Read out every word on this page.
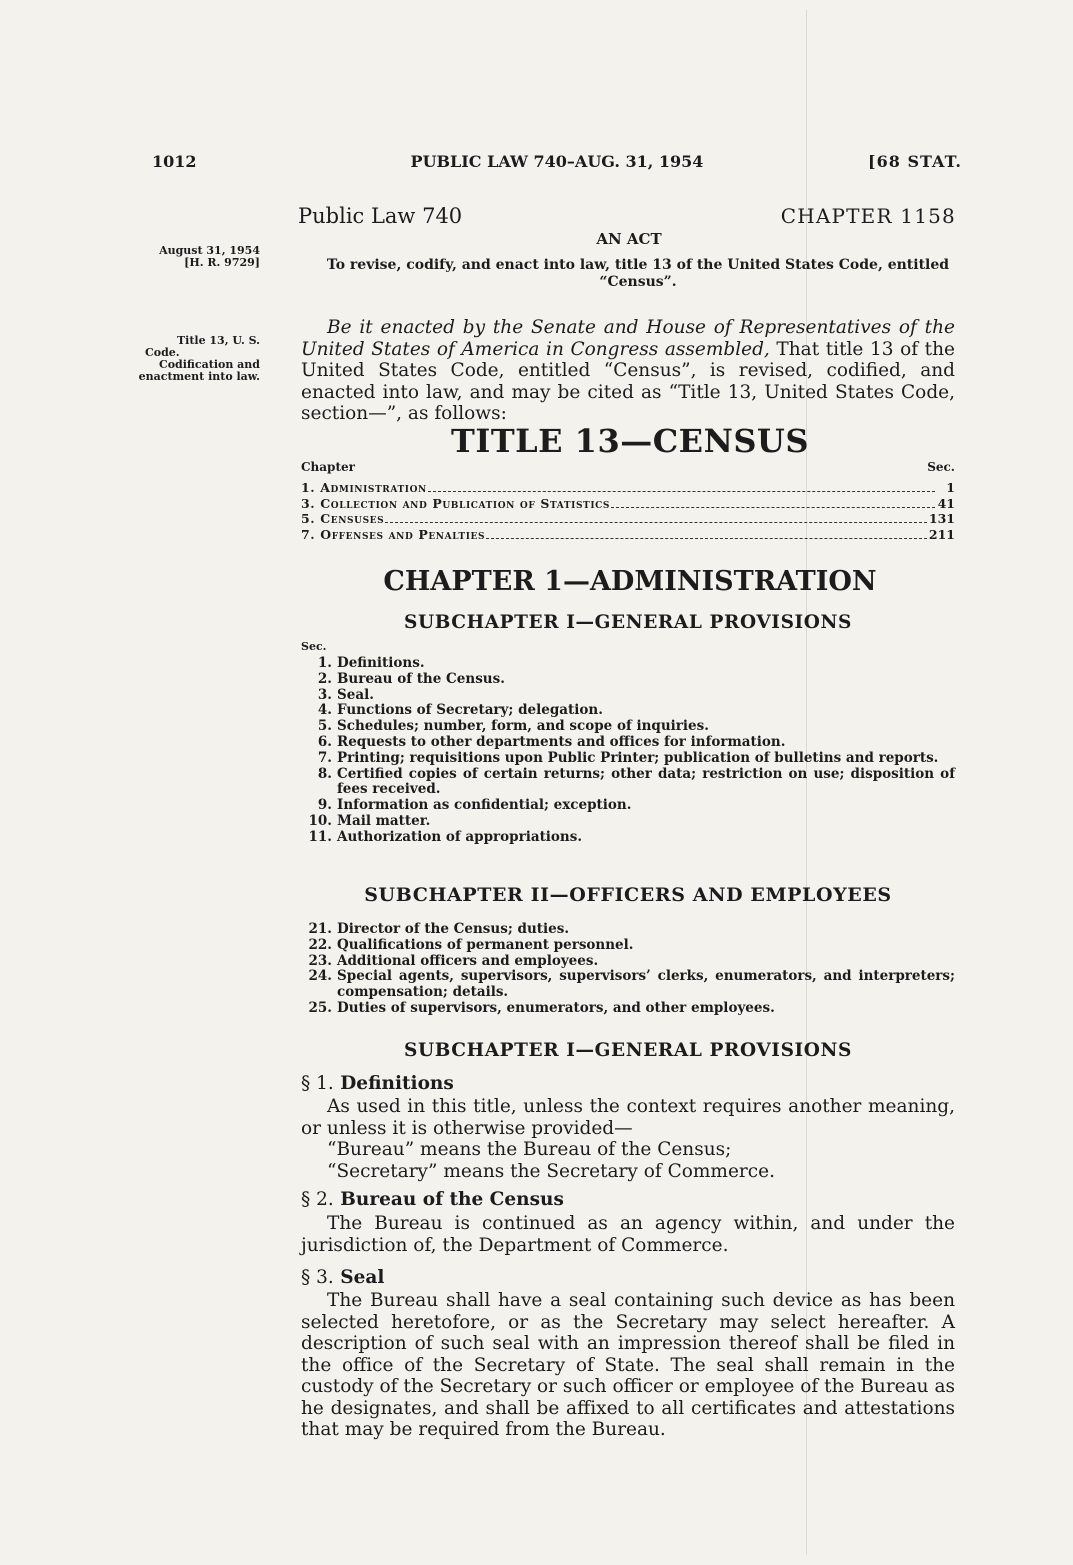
1012	PUBLIC LAW 740–AUG. 31, 1954	[68 STAT.
August 31, 1954
[H. R. 9729]
Title 13, U. S.
Code.
Codification and
enactment into law.
Public Law 740	CHAPTER 1158
AN ACT
To revise, codify, and enact into law, title 13 of the United States Code, entitled “Census”.
Be it enacted by the Senate and House of Representatives of the United States of America in Congress assembled, That title 13 of the United States Code, entitled “Census”, is revised, codified, and enacted into law, and may be cited as “Title 13, United States Code, section—”, as follows:
TITLE 13—CENSUS
Chapter	Sec.
1. Administration	1
3. Collection and Publication of Statistics	41
5. Censuses	131
7. Offenses and Penalties	211
CHAPTER 1—ADMINISTRATION
SUBCHAPTER I—GENERAL PROVISIONS
Sec.
1. Definitions.
2. Bureau of the Census.
3. Seal.
4. Functions of Secretary; delegation.
5. Schedules; number, form, and scope of inquiries.
6. Requests to other departments and offices for information.
7. Printing; requisitions upon Public Printer; publication of bulletins and reports.
8. Certified copies of certain returns; other data; restriction on use; disposition of fees received.
9. Information as confidential; exception.
10. Mail matter.
11. Authorization of appropriations.
SUBCHAPTER II—OFFICERS AND EMPLOYEES
21. Director of the Census; duties.
22. Qualifications of permanent personnel.
23. Additional officers and employees.
24. Special agents, supervisors, supervisors’ clerks, enumerators, and interpreters; compensation; details.
25. Duties of supervisors, enumerators, and other employees.
SUBCHAPTER I—GENERAL PROVISIONS
§ 1. Definitions
As used in this title, unless the context requires another meaning, or unless it is otherwise provided—
“Bureau” means the Bureau of the Census;
“Secretary” means the Secretary of Commerce.
§ 2. Bureau of the Census
The Bureau is continued as an agency within, and under the jurisdiction of, the Department of Commerce.
§ 3. Seal
The Bureau shall have a seal containing such device as has been selected heretofore, or as the Secretary may select hereafter. A description of such seal with an impression thereof shall be filed in the office of the Secretary of State. The seal shall remain in the custody of the Secretary or such officer or employee of the Bureau as he designates, and shall be affixed to all certificates and attestations that may be required from the Bureau.
